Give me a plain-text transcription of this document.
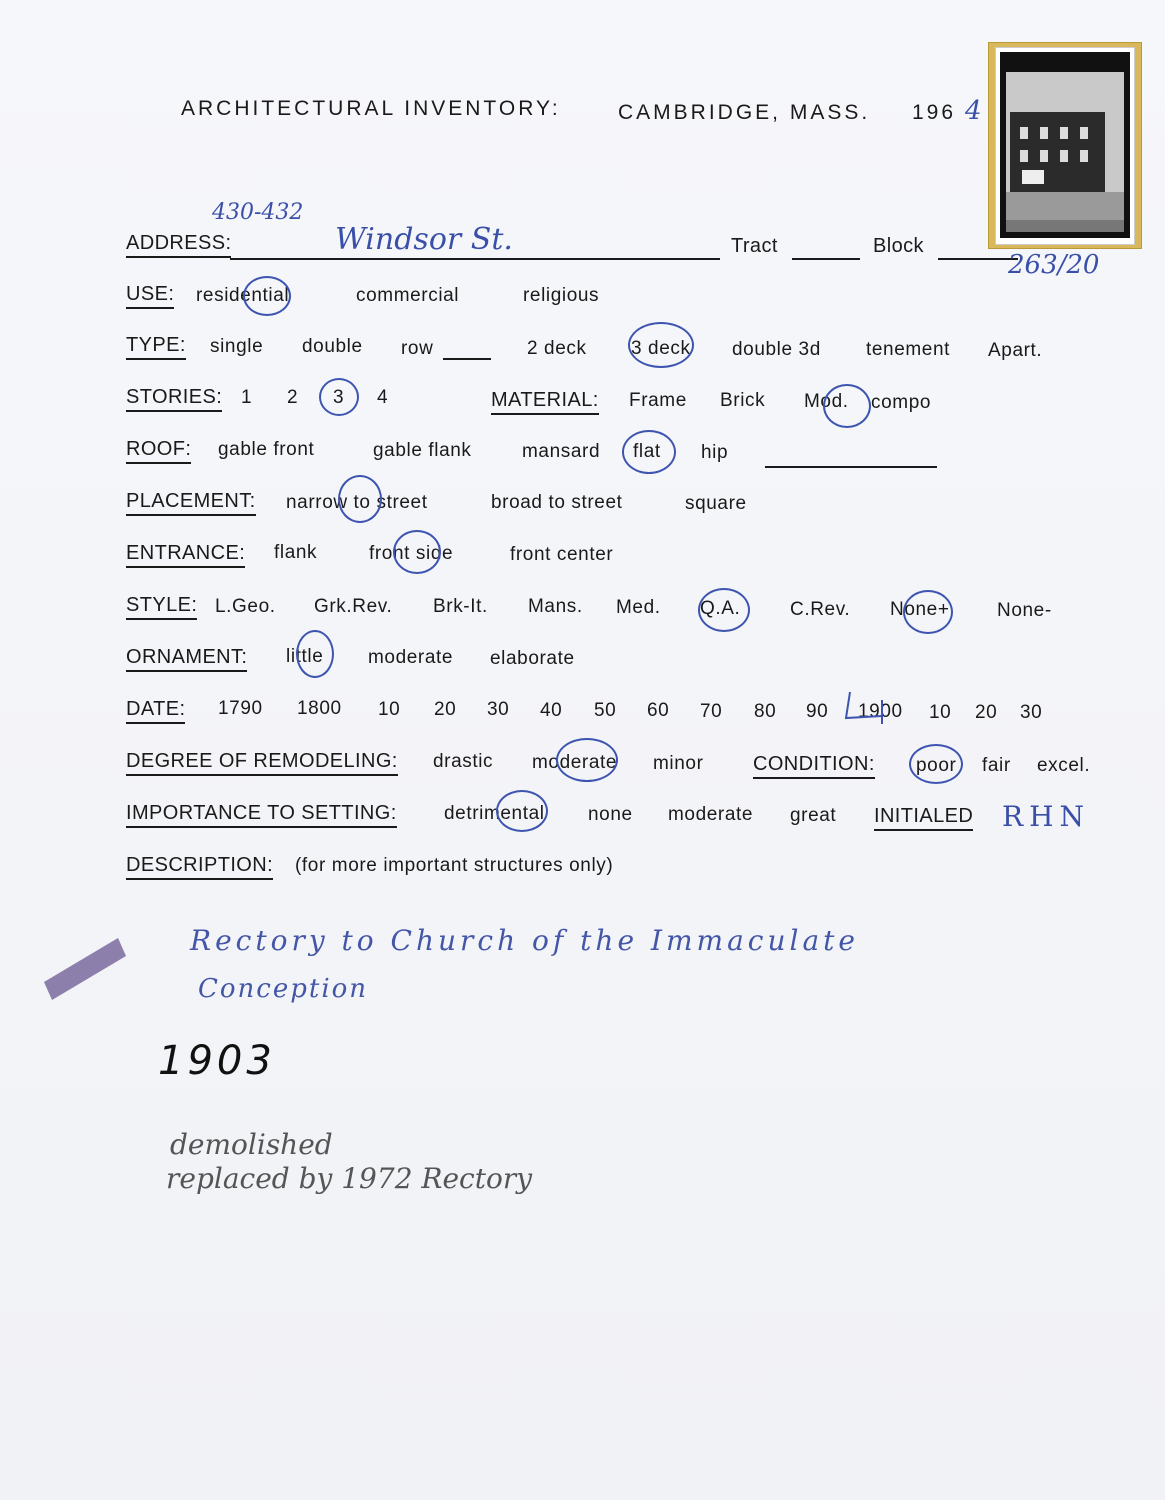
ARCHITECTURAL INVENTORY:	CAMBRIDGE, MASS. 196 4
ADDRESS:
430-432
Windsor St.	Tract	Block
263/20
USE: residential	commercial	religious
TYPE: single double row	2 deck 3 deck double 3d tenement Apart.
STORIES: 1 2 3 4	MATERIAL: Frame Brick Mod. compo
ROOF: gable front	gable flank	mansard flat hip
PLACEMENT: narrow to street	broad to street	square
ENTRANCE: flank	front side	front center
STYLE: L.Geo. Grk.Rev. Brk-It. Mans. Med. Q.A.	C.Rev. None+ None-
ORNAMENT: little moderate elaborate
DATE: 1790 1800 10 20 30 40 50 60 70 80 90 1900 10 20 30
DEGREE OF REMODELING: drastic moderate minor CONDITION: poor fair excel.
IMPORTANCE TO SETTING: detrimental none moderate great INITIALED RHN
DESCRIPTION: (for more important structures only)
Rectory to Church of the Immaculate
Conception
1903
demolished
replaced by 1972 Rectory
